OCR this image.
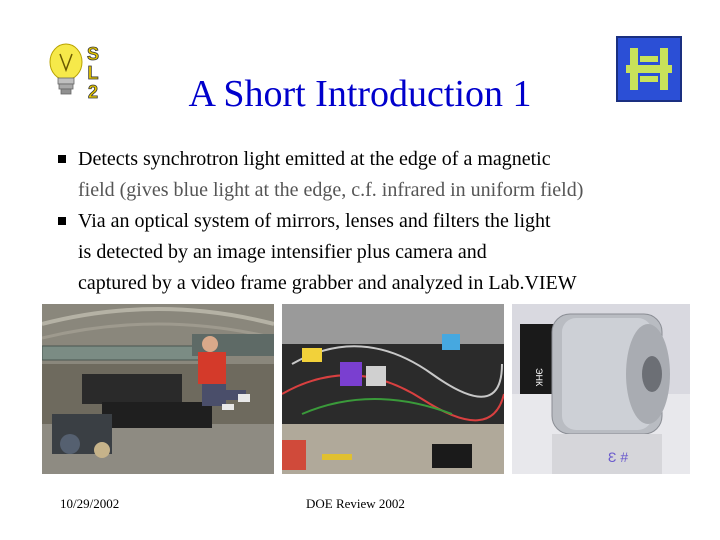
S
L
2	A Short Introduction 1
Detects synchrotron light emitted at the edge of a magnetic
field (gives blue light at the edge, c.f. infrared in uniform field)
Via an optical system of mirrors, lenses and filters the light
is detected by an image intensifier plus camera and
captured by a video frame grabber and analyzed in Lab.VIEW
ЭНК
Ɛ #
10/29/2002	DOE Review 2002
